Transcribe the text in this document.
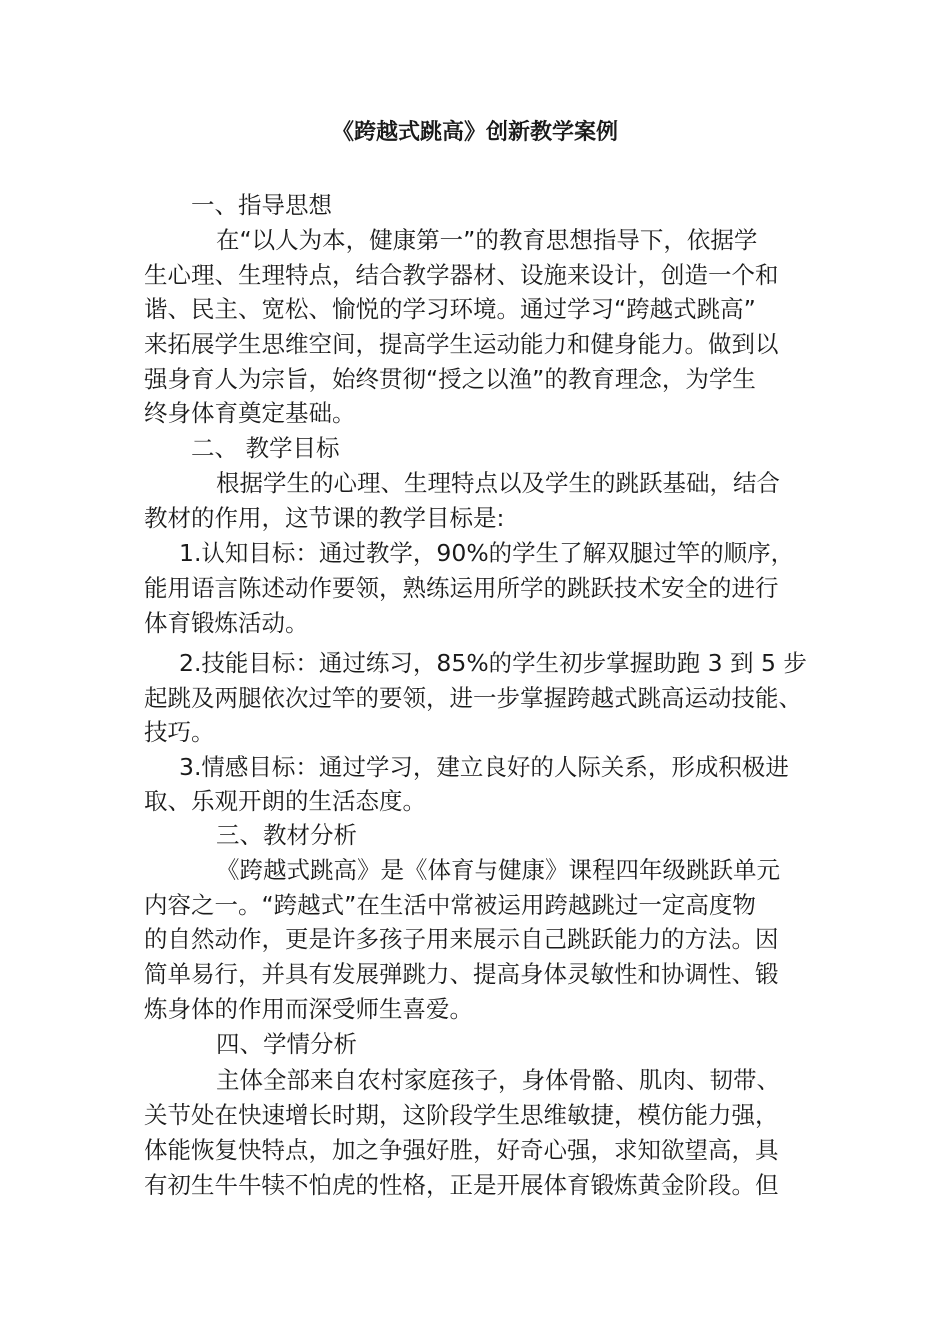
《跨越式跳高》创新教学案例
一、指导思想
在“以人为本，健康第一”的教育思想指导下，依据学
生心理、生理特点，结合教学器材、设施来设计，创造一个和
谐、民主、宽松、愉悦的学习环境。通过学习“跨越式跳高”
来拓展学生思维空间，提高学生运动能力和健身能力。做到以
强身育人为宗旨，始终贯彻“授之以渔”的教育理念，为学生
终身体育奠定基础。
二、 教学目标
根据学生的心理、生理特点以及学生的跳跃基础，结合
教材的作用，这节课的教学目标是:
1.认知目标：通过教学，90%的学生了解双腿过竿的顺序，
能用语言陈述动作要领，熟练运用所学的跳跃技术安全的进行
体育锻炼活动。
2.技能目标：通过练习，85%的学生初步掌握助跑 3 到 5 步
起跳及两腿依次过竿的要领，进一步掌握跨越式跳高运动技能、
技巧。
3.情感目标：通过学习，建立良好的人际关系，形成积极进
取、乐观开朗的生活态度。
三、教材分析
《跨越式跳高》是《体育与健康》课程四年级跳跃单元
内容之一。“跨越式”在生活中常被运用跨越跳过一定高度物
的自然动作，更是许多孩子用来展示自己跳跃能力的方法。因
简单易行，并具有发展弹跳力、提高身体灵敏性和协调性、锻
炼身体的作用而深受师生喜爱。
四、学情分析
主体全部来自农村家庭孩子，身体骨骼、肌肉、韧带、
关节处在快速增长时期，这阶段学生思维敏捷，模仿能力强，
体能恢复快特点，加之争强好胜，好奇心强，求知欲望高，具
有初生牛牛犊不怕虎的性格，正是开展体育锻炼黄金阶段。但
